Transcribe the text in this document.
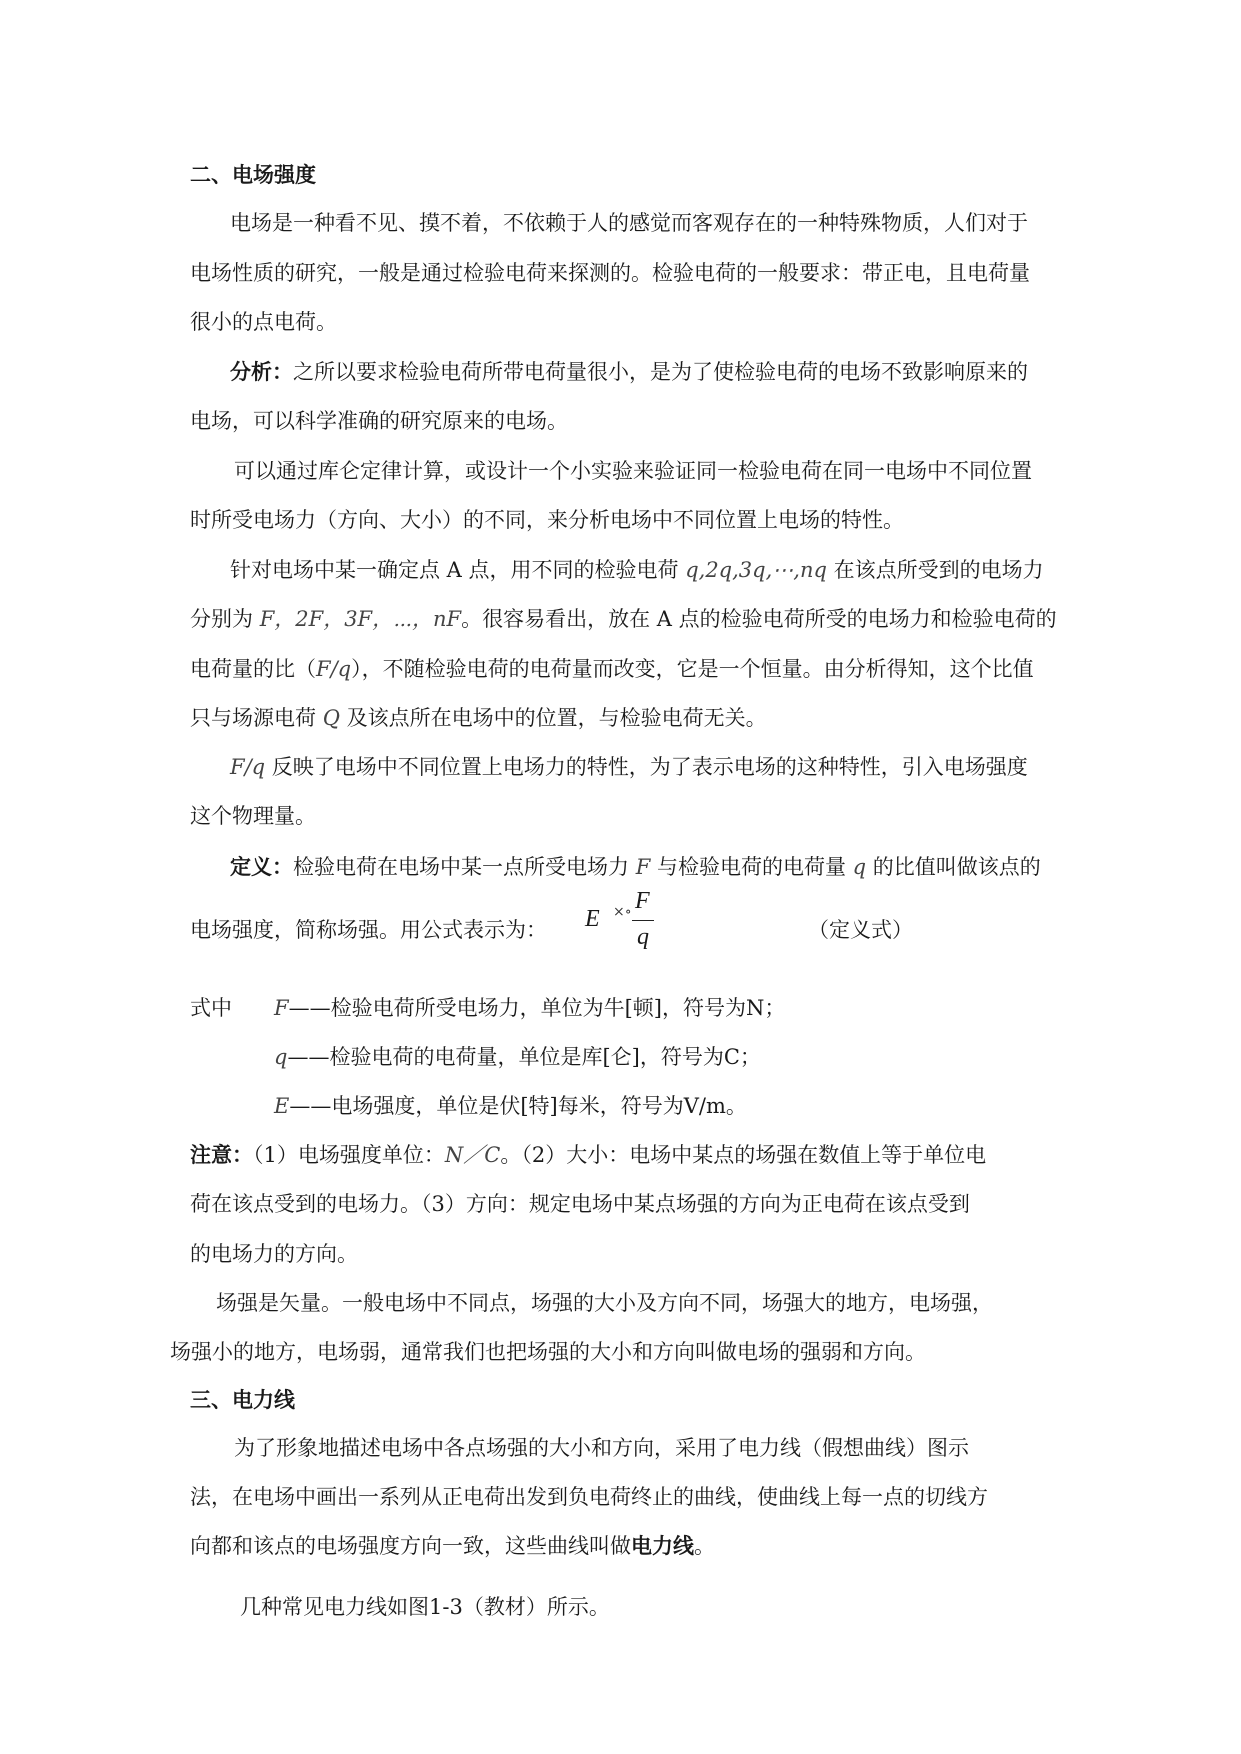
二、电场强度
电场是一种看不见、摸不着，不依赖于人的感觉而客观存在的一种特殊物质，人们对于
电场性质的研究，一般是通过检验电荷来探测的。检验电荷的一般要求：带正电，且电荷量
很小的点电荷。
分析：之所以要求检验电荷所带电荷量很小，是为了使检验电荷的电场不致影响原来的
电场，可以科学准确的研究原来的电场。
可以通过库仑定律计算，或设计一个小实验来验证同一检验电荷在同一电场中不同位置
时所受电场力（方向、大小）的不同，来分析电场中不同位置上电场的特性。
针对电场中某一确定点 A 点，用不同的检验电荷 q,2q,3q,⋯,nq 在该点所受到的电场力
分别为 F，2F，3F，⋯，nF。很容易看出，放在 A 点的检验电荷所受的电场力和检验电荷的
电荷量的比（F/q），不随检验电荷的电荷量而改变，它是一个恒量。由分析得知，这个比值
只与场源电荷 Q 及该点所在电场中的位置，与检验电荷无关。
F/q 反映了电场中不同位置上电场力的特性，为了表示电场的这种特性，引入电场强度
这个物理量。
定义：检验电荷在电场中某一点所受电场力 F 与检验电荷的电荷量 q 的比值叫做该点的
电场强度，简称场强。用公式表示为： E ×∘ F
q	（定义式）
式中 F——检验电荷所受电场力，单位为牛[顿]，符号为N；
q——检验电荷的电荷量，单位是库[仑]，符号为C；
E——电场强度，单位是伏[特]每米，符号为V/m。
注意：（1）电场强度单位：N／C。（2）大小：电场中某点的场强在数值上等于单位电
荷在该点受到的电场力。（3）方向：规定电场中某点场强的方向为正电荷在该点受到
的电场力的方向。
场强是矢量。一般电场中不同点，场强的大小及方向不同，场强大的地方，电场强，
场强小的地方，电场弱，通常我们也把场强的大小和方向叫做电场的强弱和方向。
三、电力线
为了形象地描述电场中各点场强的大小和方向，采用了电力线（假想曲线）图示
法，在电场中画出一系列从正电荷出发到负电荷终止的曲线，使曲线上每一点的切线方
向都和该点的电场强度方向一致，这些曲线叫做电力线。
几种常见电力线如图1-3（教材）所示。
